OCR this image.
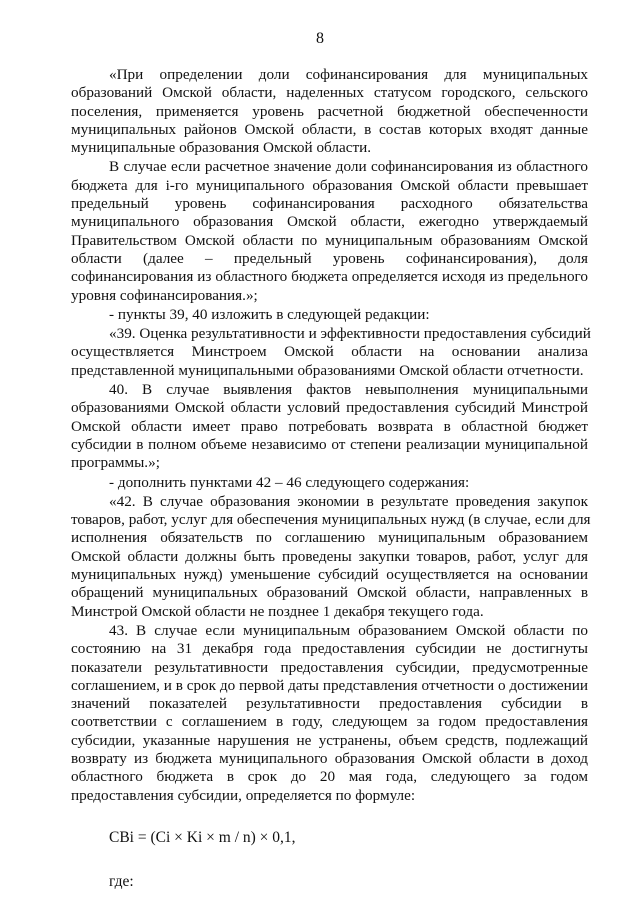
8
«При определении доли софинансирования для муниципальных
образований Омской области, наделенных статусом городского, сельского
поселения, применяется уровень расчетной бюджетной обеспеченности
муниципальных районов Омской области, в состав которых входят данные
муниципальные образования Омской области.
В случае если расчетное значение доли софинансирования из областного
бюджета для i-го муниципального образования Омской области превышает
предельный уровень софинансирования расходного обязательства
муниципального образования Омской области, ежегодно утверждаемый
Правительством Омской области по муниципальным образованиям Омской
области (далее – предельный уровень софинансирования), доля
софинансирования из областного бюджета определяется исходя из предельного
уровня софинансирования.»;
- пункты 39, 40 изложить в следующей редакции:
«39. Оценка результативности и эффективности предоставления субсидий
осуществляется Минстроем Омской области на основании анализа
представленной муниципальными образованиями Омской области отчетности.
40. В случае выявления фактов невыполнения муниципальными
образованиями Омской области условий предоставления субсидий Минстрой
Омской области имеет право потребовать возврата в областной бюджет
субсидии в полном объеме независимо от степени реализации муниципальной
программы.»;
- дополнить пунктами 42 – 46 следующего содержания:
«42. В случае образования экономии в результате проведения закупок
товаров, работ, услуг для обеспечения муниципальных нужд (в случае, если для
исполнения обязательств по соглашению муниципальным образованием
Омской области должны быть проведены закупки товаров, работ, услуг для
муниципальных нужд) уменьшение субсидий осуществляется на основании
обращений муниципальных образований Омской области, направленных в
Минстрой Омской области не позднее 1 декабря текущего года.
43. В случае если муниципальным образованием Омской области по
состоянию на 31 декабря года предоставления субсидии не достигнуты
показатели результативности предоставления субсидии, предусмотренные
соглашением, и в срок до первой даты представления отчетности о достижении
значений показателей результативности предоставления субсидии в
соответствии с соглашением в году, следующем за годом предоставления
субсидии, указанные нарушения не устранены, объем средств, подлежащий
возврату из бюджета муниципального образования Омской области в доход
областного бюджета в срок до 20 мая года, следующего за годом
предоставления субсидии, определяется по формуле:
СВi = (Ci × Ki × m / n) × 0,1,
где:
